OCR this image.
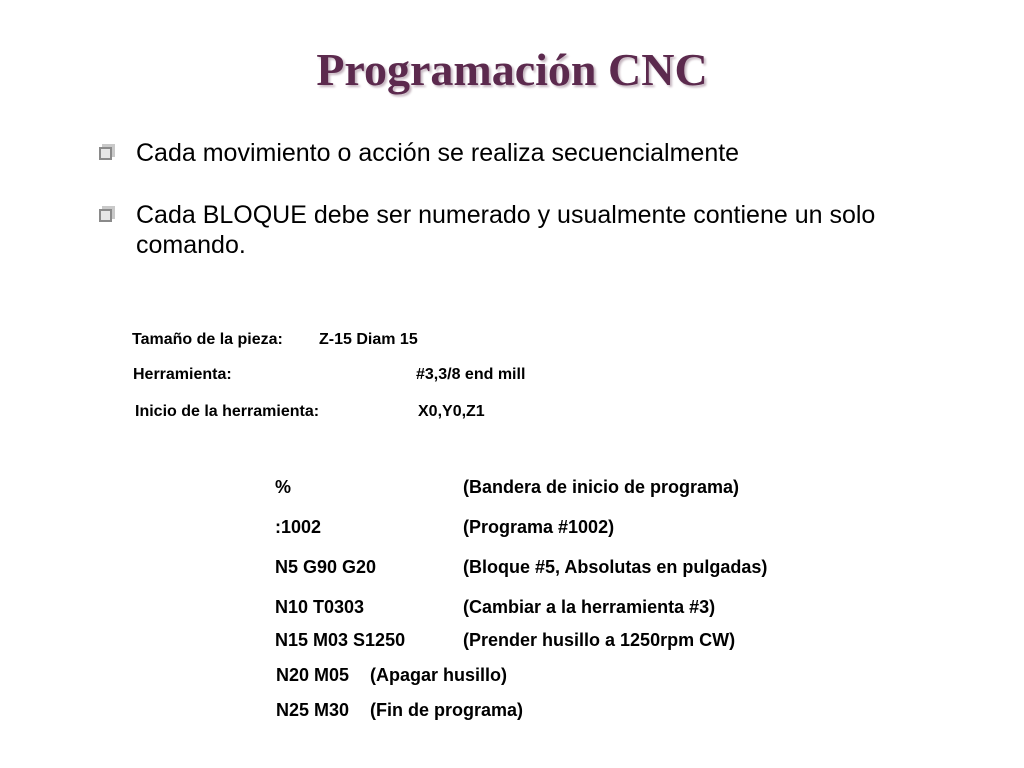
Programación CNC
Cada movimiento o acción se realiza secuencialmente
Cada BLOQUE debe ser numerado y usualmente contiene un solo comando.
Tamaño de la pieza: Z-15 Diam 15
Herramienta:	#3,3/8 end mill
Inicio de la herramienta:	X0,Y0,Z1
%	(Bandera de inicio de programa)
:1002	(Programa #1002)
N5 G90 G20	(Bloque #5, Absolutas en pulgadas)
N10 T0303	(Cambiar a la herramienta #3)
N15 M03 S1250	(Prender husillo a 1250rpm CW)
N20 M05 (Apagar husillo)
N25 M30 (Fin de programa)
